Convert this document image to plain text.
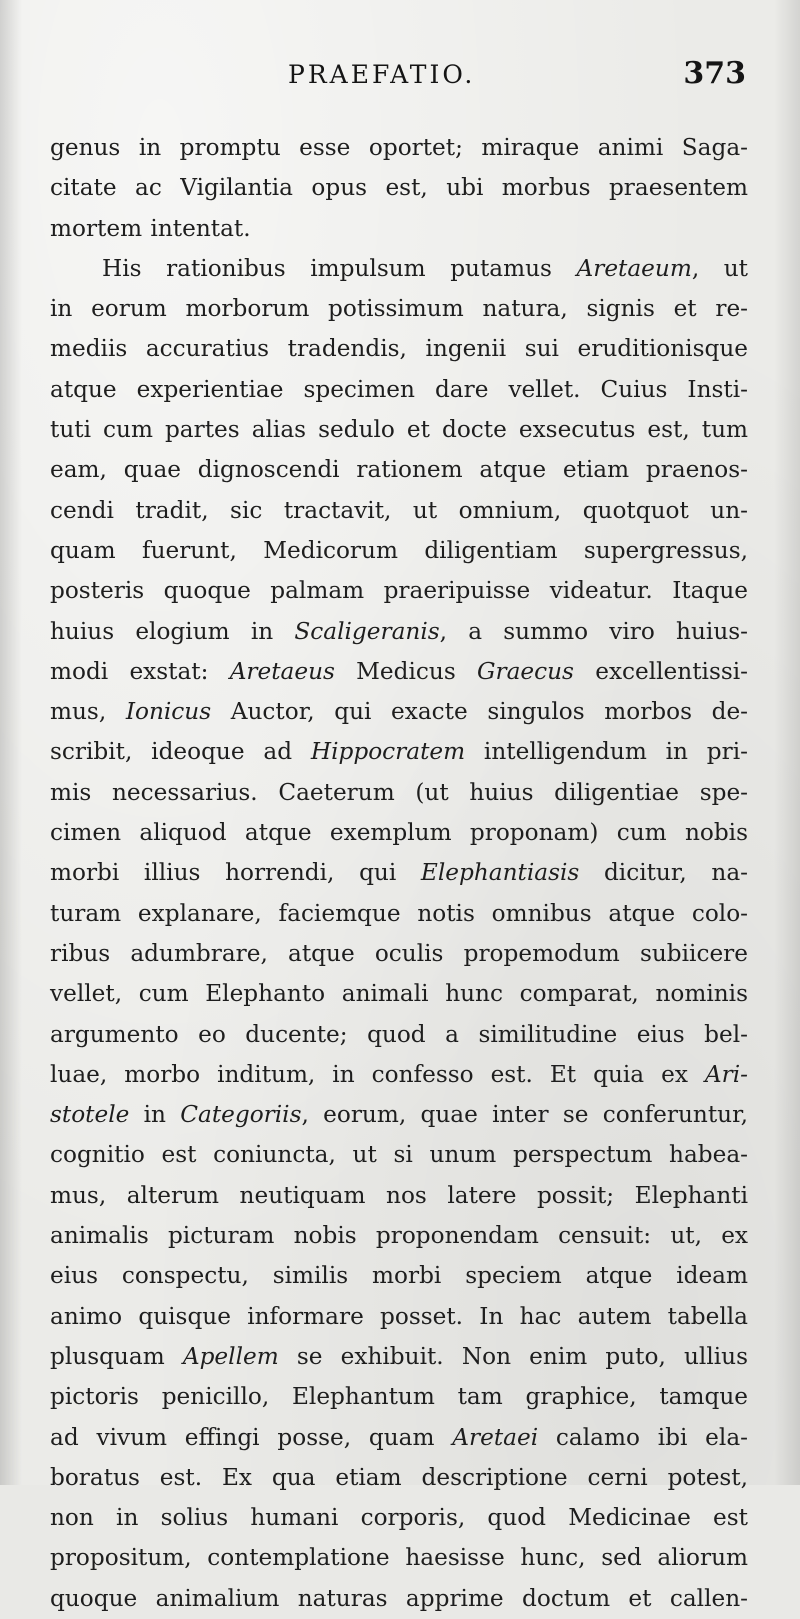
PRAEFATIO.	373
genus in promptu esse oportet; miraque animi Saga-
citate ac Vigilantia opus est, ubi morbus praesentem
mortem intentat.
His rationibus impulsum putamus Aretaeum, ut
in eorum morborum potissimum natura, signis et re-
mediis accuratius tradendis, ingenii sui eruditionisque
atque experientiae specimen dare vellet. Cuius Insti-
tuti cum partes alias sedulo et docte exsecutus est, tum
eam, quae dignoscendi rationem atque etiam praenos-
cendi tradit, sic tractavit, ut omnium, quotquot un-
quam fuerunt, Medicorum diligentiam supergressus,
posteris quoque palmam praeripuisse videatur. Itaque
huius elogium in Scaligeranis, a summo viro huius-
modi exstat: Aretaeus Medicus Graecus excellentissi-
mus, Ionicus Auctor, qui exacte singulos morbos de-
scribit, ideoque ad Hippocratem intelligendum in pri-
mis necessarius. Caeterum (ut huius diligentiae spe-
cimen aliquod atque exemplum proponam) cum nobis
morbi illius horrendi, qui Elephantiasis dicitur, na-
turam explanare, faciemque notis omnibus atque colo-
ribus adumbrare, atque oculis propemodum subiicere
vellet, cum Elephanto animali hunc comparat, nominis
argumento eo ducente; quod a similitudine eius bel-
luae, morbo inditum, in confesso est. Et quia ex Ari-
stotele in Categoriis, eorum, quae inter se conferuntur,
cognitio est coniuncta, ut si unum perspectum habea-
mus, alterum neutiquam nos latere possit; Elephanti
animalis picturam nobis proponendam censuit: ut, ex
eius conspectu, similis morbi speciem atque ideam
animo quisque informare posset. In hac autem tabella
plusquam Apellem se exhibuit. Non enim puto, ullius
pictoris penicillo, Elephantum tam graphice, tamque
ad vivum effingi posse, quam Aretaei calamo ibi ela-
boratus est. Ex qua etiam descriptione cerni potest,
non in solius humani corporis, quod Medicinae est
propositum, contemplatione haesisse hunc, sed aliorum
quoque animalium naturas apprime doctum et callen-
